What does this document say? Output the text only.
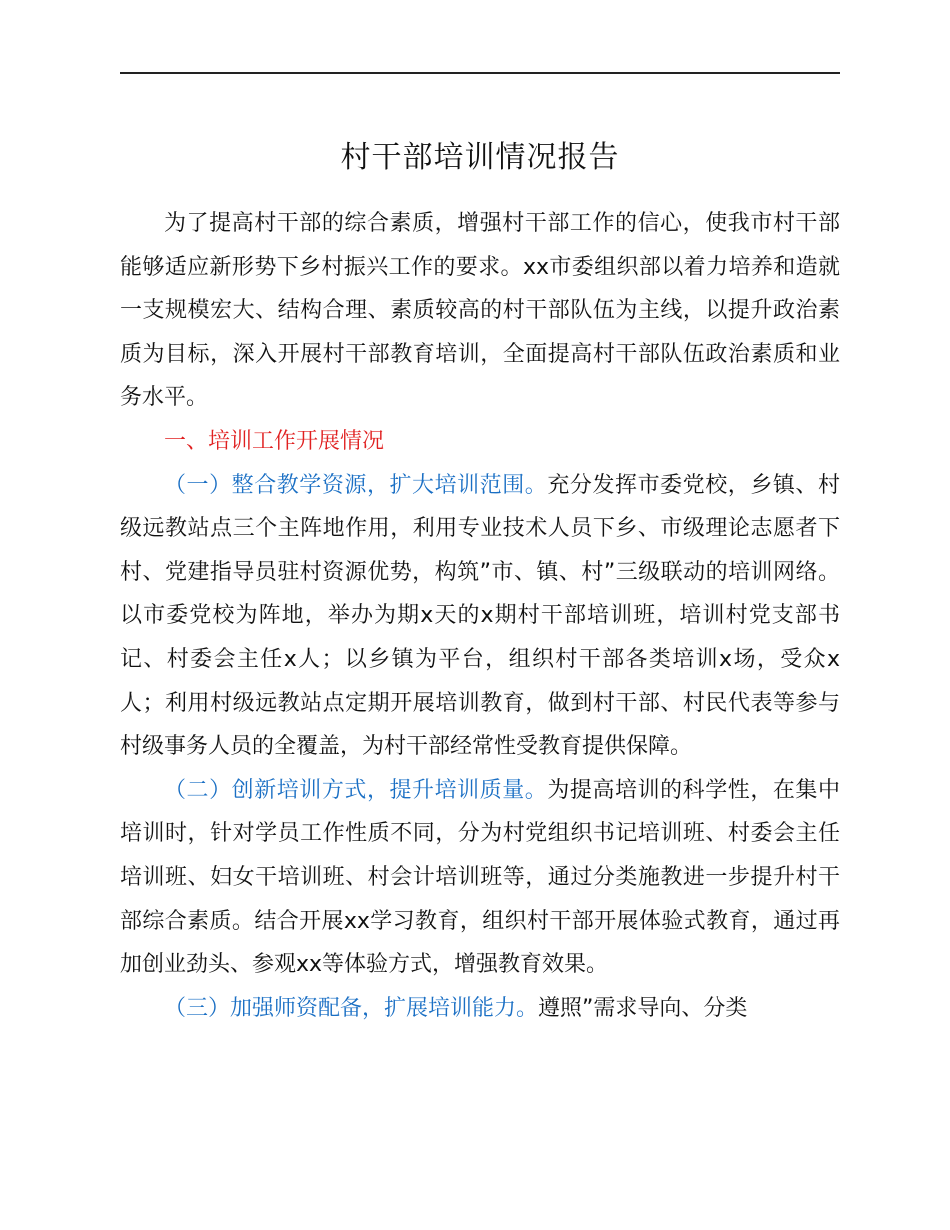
村干部培训情况报告

为了提高村干部的综合素质，增强村干部工作的信心，使我市村干部能够适应新形势下乡村振兴工作的要求。xx市委组织部以着力培养和造就一支规模宏大、结构合理、素质较高的村干部队伍为主线，以提升政治素质为目标，深入开展村干部教育培训，全面提高村干部队伍政治素质和业务水平。

一、培训工作开展情况

（一）整合教学资源，扩大培训范围。充分发挥市委党校，乡镇、村级远教站点三个主阵地作用，利用专业技术人员下乡、市级理论志愿者下村、党建指导员驻村资源优势，构筑”市、镇、村”三级联动的培训网络。以市委党校为阵地，举办为期x天的x期村干部培训班，培训村党支部书记、村委会主任x人；以乡镇为平台，组织村干部各类培训x场，受众x人；利用村级远教站点定期开展培训教育，做到村干部、村民代表等参与村级事务人员的全覆盖，为村干部经常性受教育提供保障。

（二）创新培训方式，提升培训质量。为提高培训的科学性，在集中培训时，针对学员工作性质不同，分为村党组织书记培训班、村委会主任培训班、妇女干培训班、村会计培训班等，通过分类施教进一步提升村干部综合素质。结合开展xx学习教育，组织村干部开展体验式教育，通过再加创业劲头、参观xx等体验方式，增强教育效果。

（三）加强师资配备，扩展培训能力。遵照”需求导向、分类
